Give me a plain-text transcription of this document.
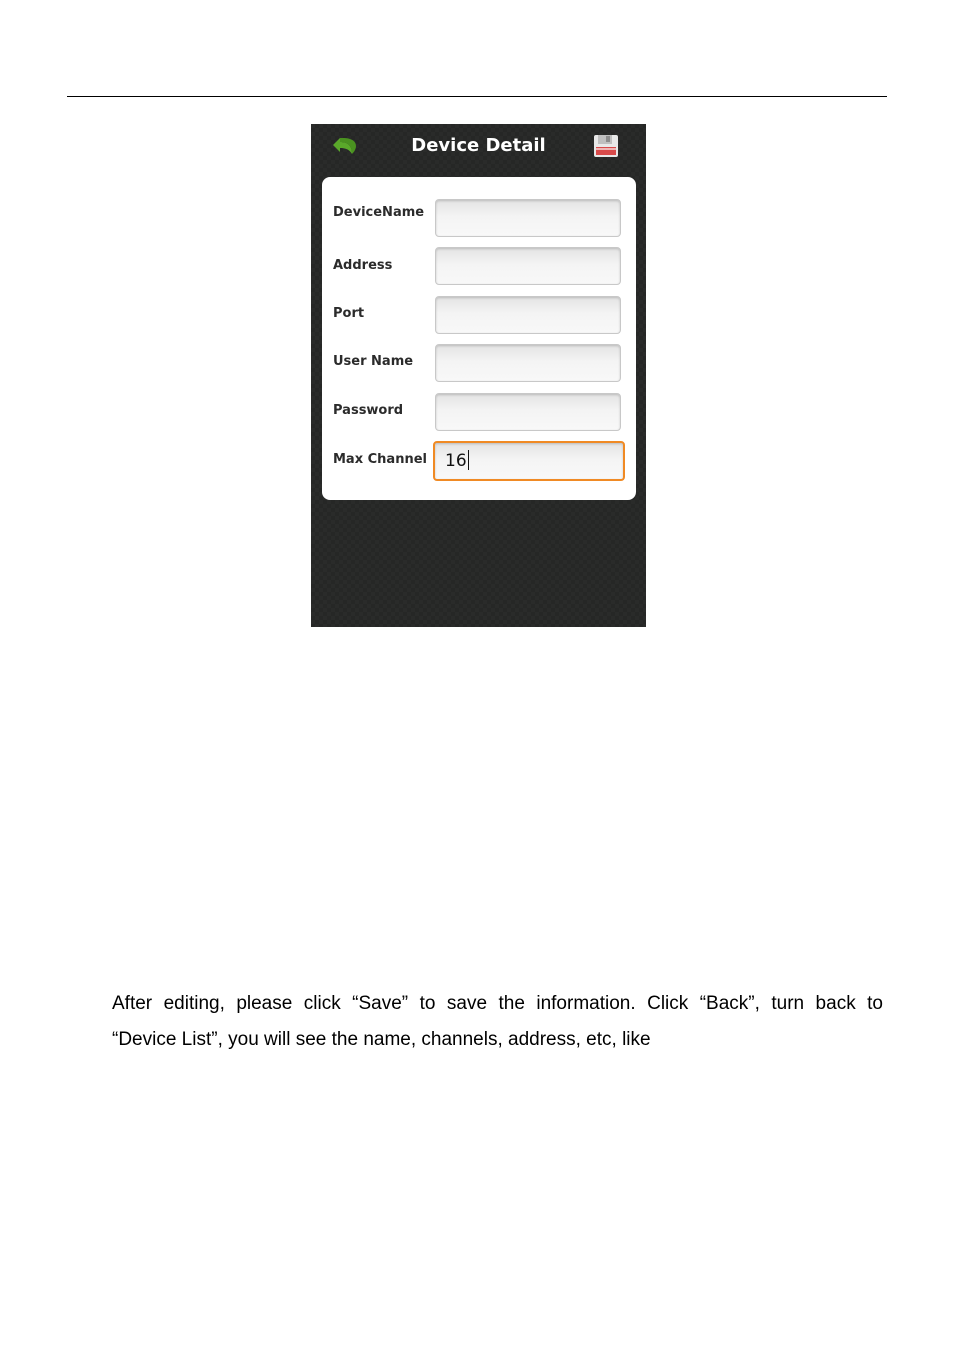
Device Detail
DeviceName
Address
Port
User Name
Password
Max Channel	16
After editing, please click “Save” to save the information. Click “Back”, turn back to
“Device List”, you will see the name, channels, address, etc, like
